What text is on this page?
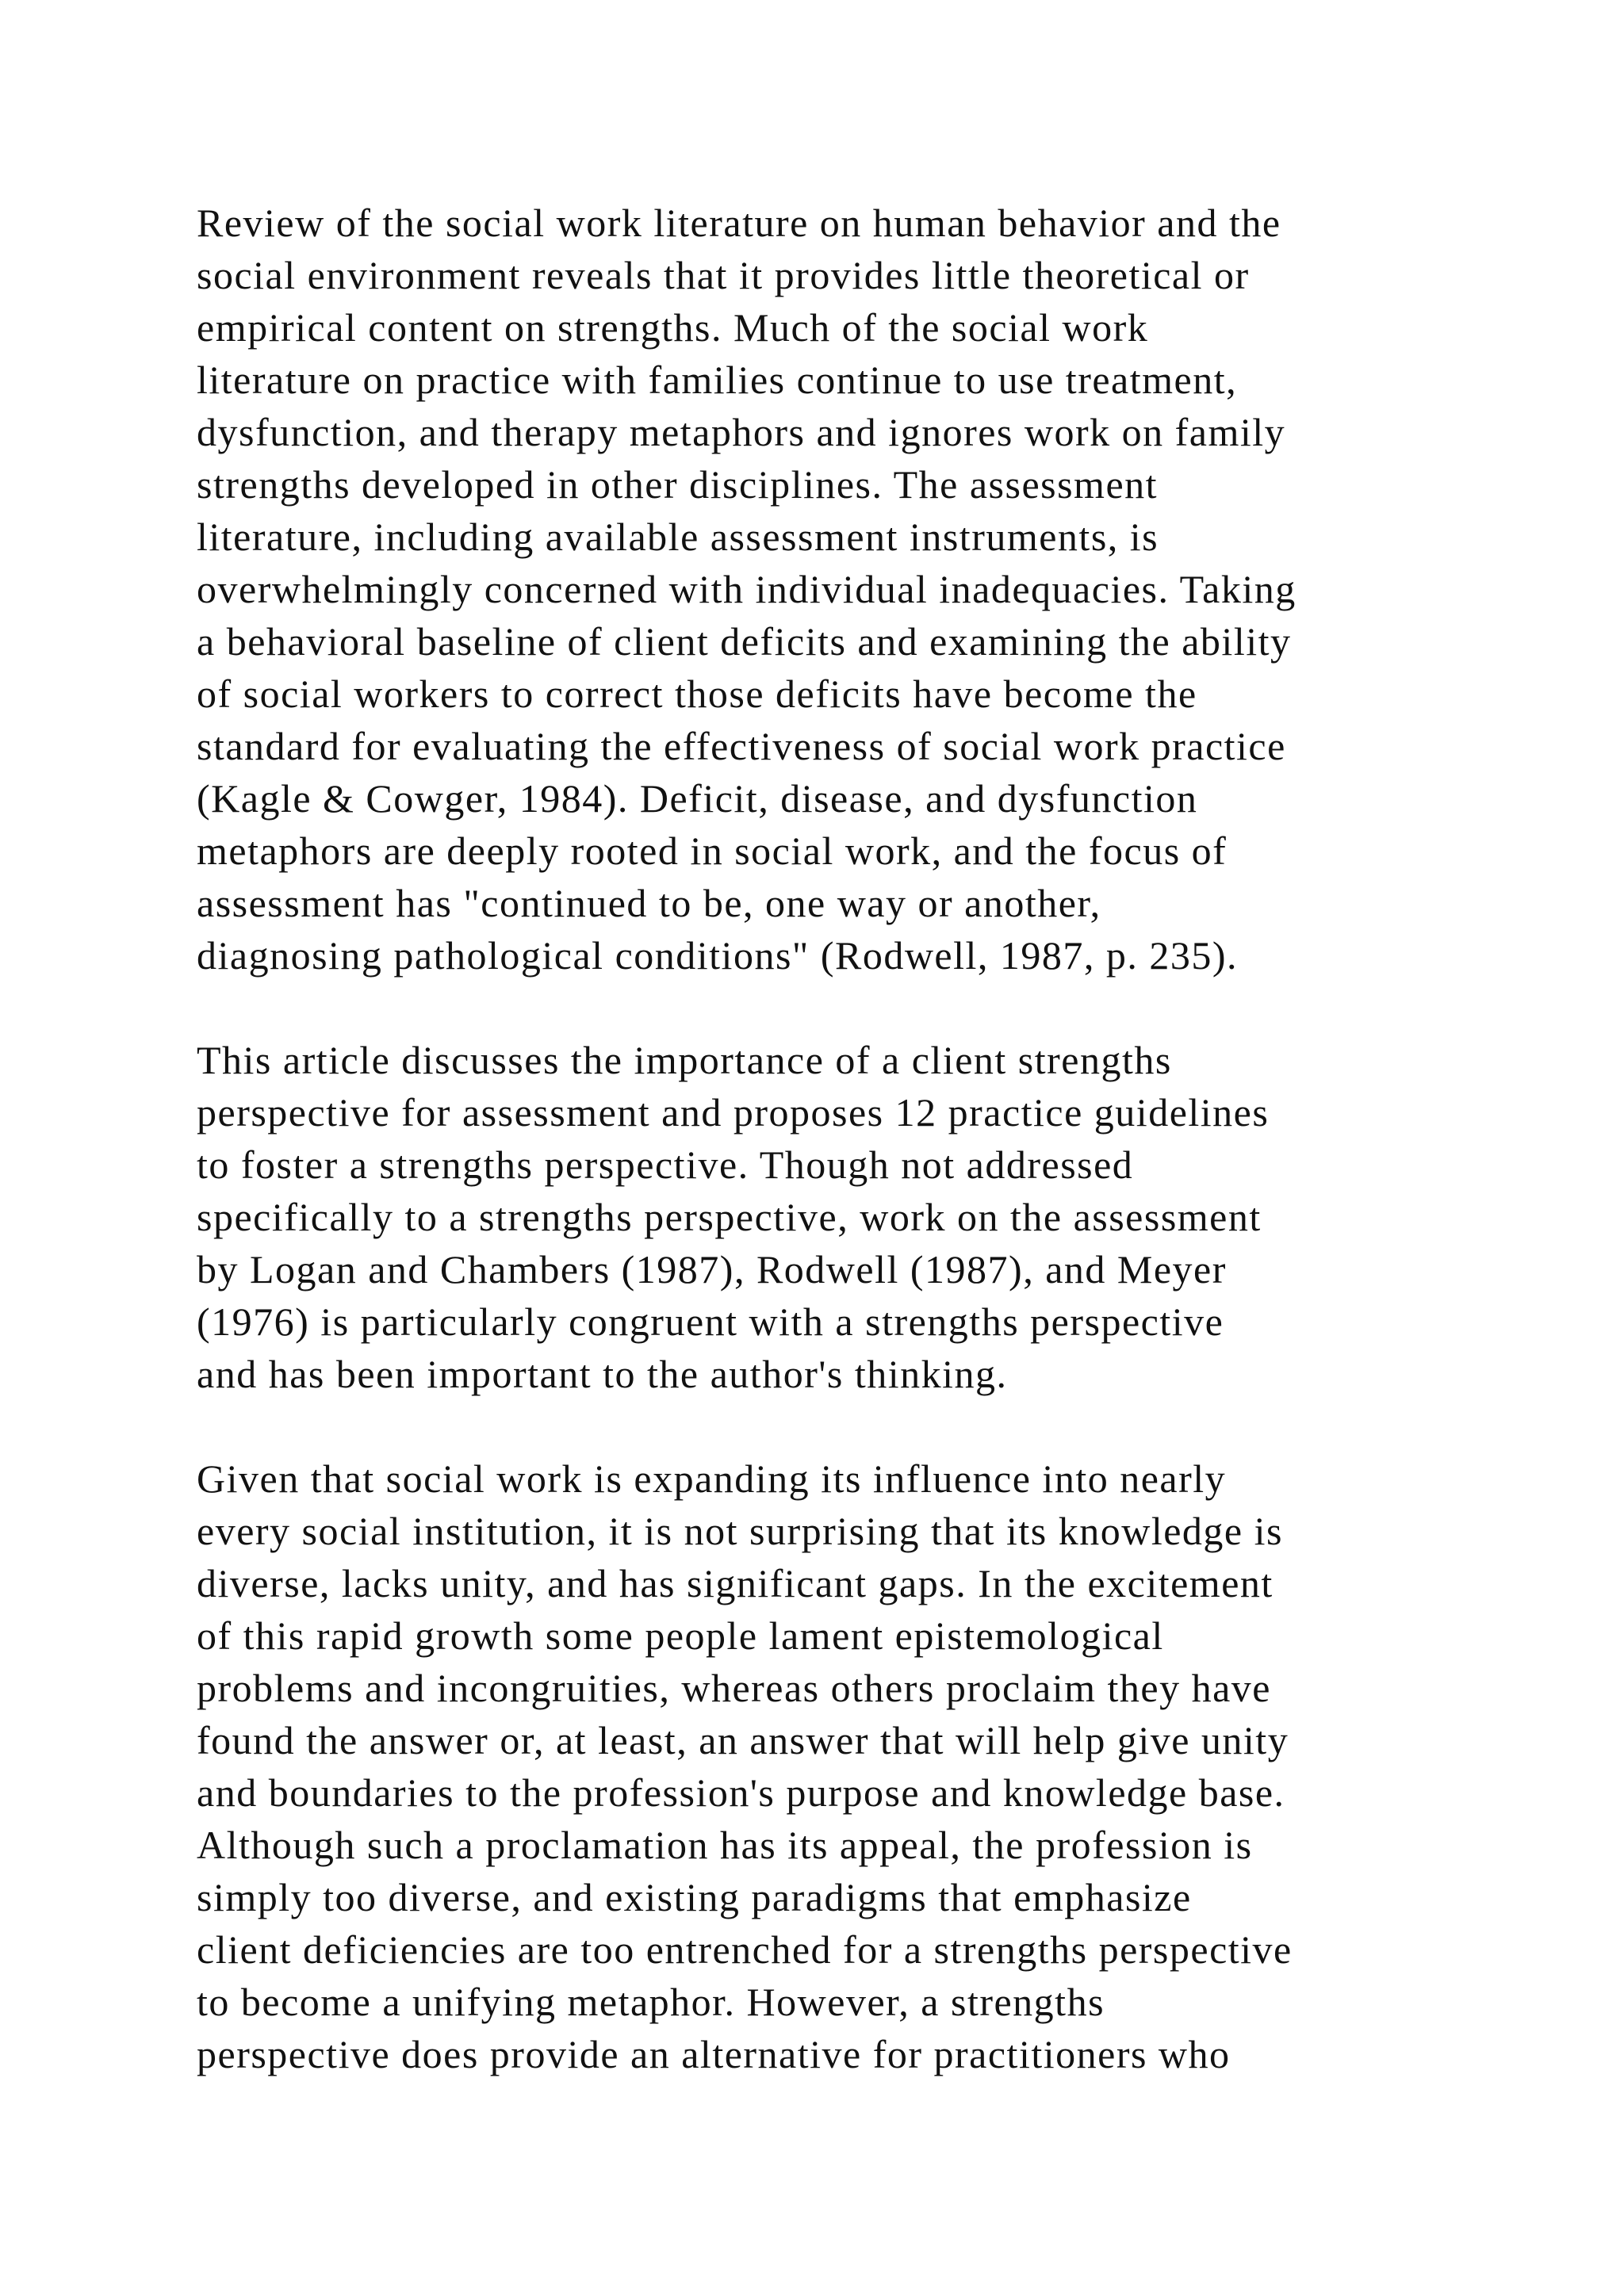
Review of the social work literature on human behavior and the
social environment reveals that it provides little theoretical or
empirical content on strengths. Much of the social work
literature on practice with families continue to use treatment,
dysfunction, and therapy metaphors and ignores work on family
strengths developed in other disciplines. The assessment
literature, including available assessment instruments, is
overwhelmingly concerned with individual inadequacies. Taking
a behavioral baseline of client deficits and examining the ability
of social workers to correct those deficits have become the
standard for evaluating the effectiveness of social work practice
(Kagle & Cowger, 1984). Deficit, disease, and dysfunction
metaphors are deeply rooted in social work, and the focus of
assessment has "continued to be, one way or another,
diagnosing pathological conditions" (Rodwell, 1987, p. 235).

This article discusses the importance of a client strengths
perspective for assessment and proposes 12 practice guidelines
to foster a strengths perspective. Though not addressed
specifically to a strengths perspective, work on the assessment
by Logan and Chambers (1987), Rodwell (1987), and Meyer
(1976) is particularly congruent with a strengths perspective
and has been important to the author's thinking.

Given that social work is expanding its influence into nearly
every social institution, it is not surprising that its knowledge is
diverse, lacks unity, and has significant gaps. In the excitement
of this rapid growth some people lament epistemological
problems and incongruities, whereas others proclaim they have
found the answer or, at least, an answer that will help give unity
and boundaries to the profession's purpose and knowledge base.
Although such a proclamation has its appeal, the profession is
simply too diverse, and existing paradigms that emphasize
client deficiencies are too entrenched for a strengths perspective
to become a unifying metaphor. However, a strengths
perspective does provide an alternative for practitioners who
